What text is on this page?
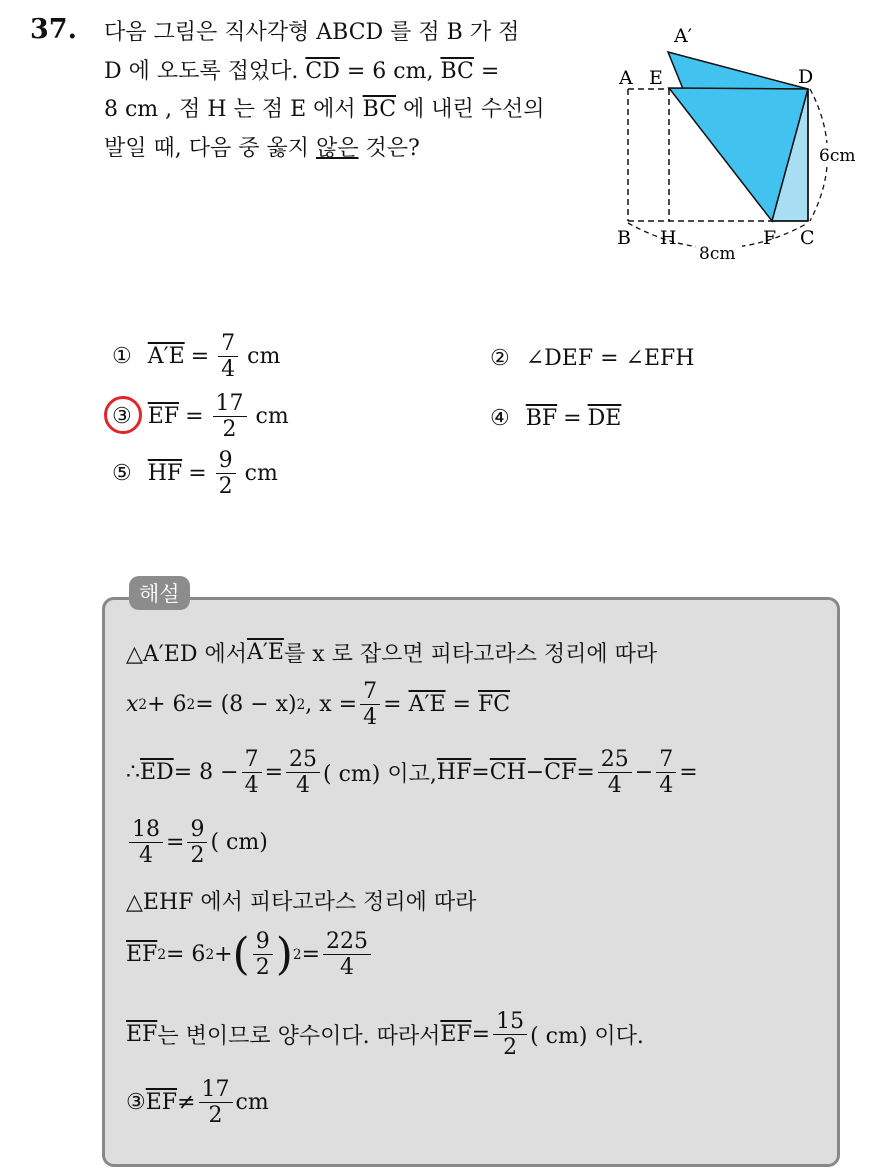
37. 다음 그림은 직사각형 ABCD 를 점 B 가 점
D 에 오도록 접었다. $\overline{CD} = 6$ cm, $\overline{BC}$ =
8 cm , 점 H 는 점 E 에서 $\overline{BC}$ 에 내린 수선의
발일 때, 다음 중 옳지 않은 것은?
A′
A E	D
B H	F C
6cm
8cm
① $A'E = \frac{7}{4}$ cm	② ∠DEF = ∠EFH
③ $\overline{EF} = \frac{17}{2}$ cm	④ $\overline{BF} = \overline{DE}$
⑤ $\overline{HF} = \frac{9}{2}$ cm
해설
△A′ED 에서 A′E 를 x 로 잡으면 피타고라스 정리에 따라
x 2 + 6 2 = (8 − x) 2 , $x = \frac{7}{4}$ =
A′E
=
$\overline{FC}$
∴ $\overline{ED} = 8 - \frac{7}{4} = \frac{25}{4}$ ( cm) 이고, $\overline{HF} = \overline{CH} - \overline{CF} = \frac{25}{4} - \frac{7}{4}$ =
$\frac{18}{4} = \frac{9}{2}$ ( cm)
△EHF 에서 피타고라스 정리에 따라
$\overline{EF}$ 2 = 6 2 + ( $\frac{9}{2}$ ) $2 = \frac{225}{4}$
$\overline{EF}$ 는 변이므로 양수이다. 따라서 $\overline{EF} = \frac{15}{2}$ ( cm) 이다.
③ $\overline{EF} \ne \frac{17}{2}$ cm
